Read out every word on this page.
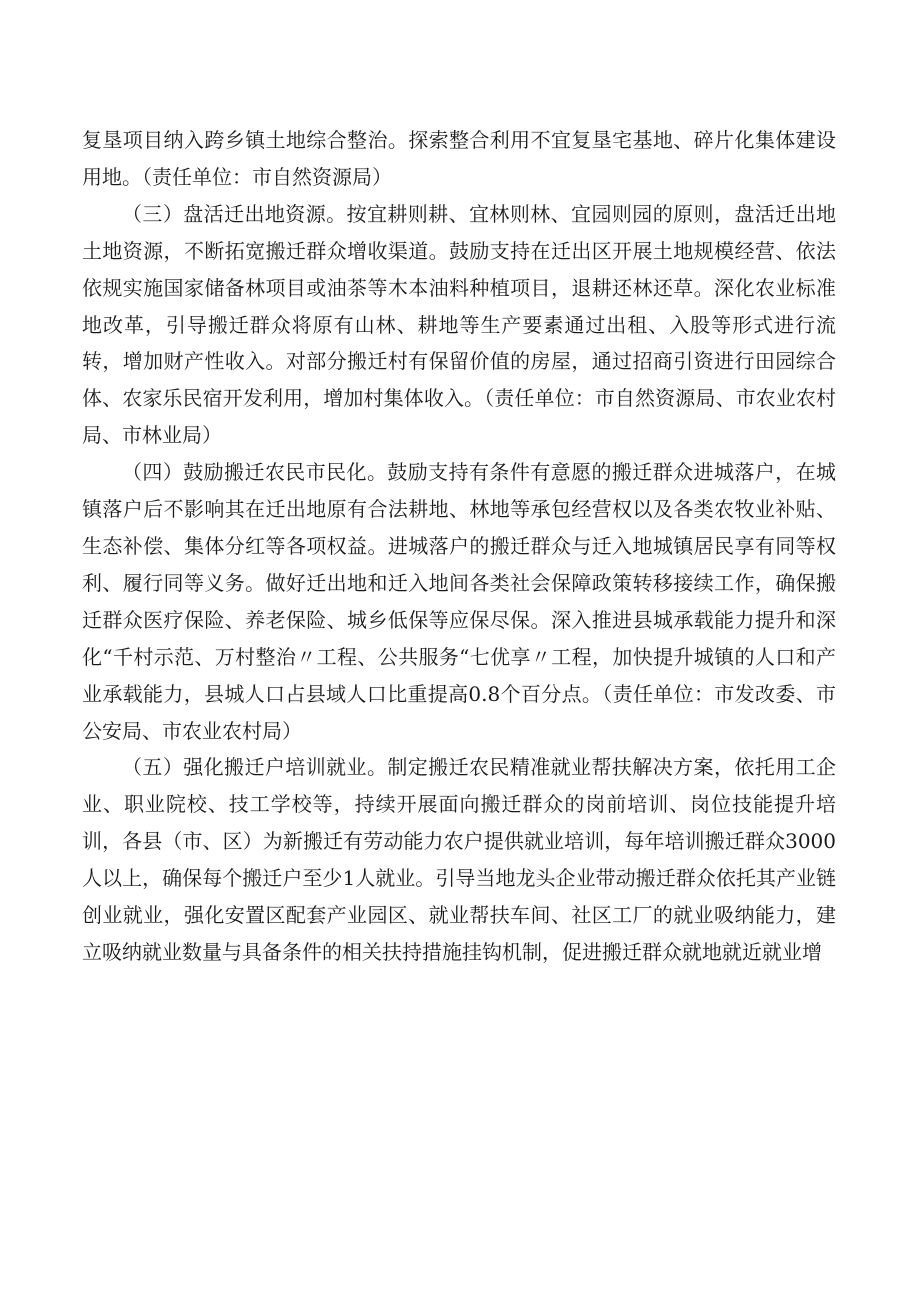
复垦项目纳入跨乡镇土地综合整治。探索整合利用不宜复垦宅基地、碎片化集体建设用地。（责任单位：市自然资源局）

（三）盘活迁出地资源。按宜耕则耕、宜林则林、宜园则园的原则，盘活迁出地土地资源，不断拓宽搬迁群众增收渠道。鼓励支持在迁出区开展土地规模经营、依法依规实施国家储备林项目或油茶等木本油料种植项目，退耕还林还草。深化农业标准地改革，引导搬迁群众将原有山林、耕地等生产要素通过出租、入股等形式进行流转，增加财产性收入。对部分搬迁村有保留价值的房屋，通过招商引资进行田园综合体、农家乐民宿开发利用，增加村集体收入。（责任单位：市自然资源局、市农业农村局、市林业局）

（四）鼓励搬迁农民市民化。鼓励支持有条件有意愿的搬迁群众进城落户，在城镇落户后不影响其在迁出地原有合法耕地、林地等承包经营权以及各类农牧业补贴、生态补偿、集体分红等各项权益。进城落户的搬迁群众与迁入地城镇居民享有同等权利、履行同等义务。做好迁出地和迁入地间各类社会保障政策转移接续工作，确保搬迁群众医疗保险、养老保险、城乡低保等应保尽保。深入推进县城承载能力提升和深化“千村示范、万村整治〃工程、公共服务“七优享〃工程，加快提升城镇的人口和产业承载能力，县城人口占县域人口比重提高0.8个百分点。（责任单位：市发改委、市公安局、市农业农村局）

（五）强化搬迁户培训就业。制定搬迁农民精准就业帮扶解决方案，依托用工企业、职业院校、技工学校等，持续开展面向搬迁群众的岗前培训、岗位技能提升培训，各县（市、区）为新搬迁有劳动能力农户提供就业培训，每年培训搬迁群众3000人以上，确保每个搬迁户至少1人就业。引导当地龙头企业带动搬迁群众依托其产业链创业就业，强化安置区配套产业园区、就业帮扶车间、社区工厂的就业吸纳能力，建立吸纳就业数量与具备条件的相关扶持措施挂钩机制，促进搬迁群众就地就近就业增
